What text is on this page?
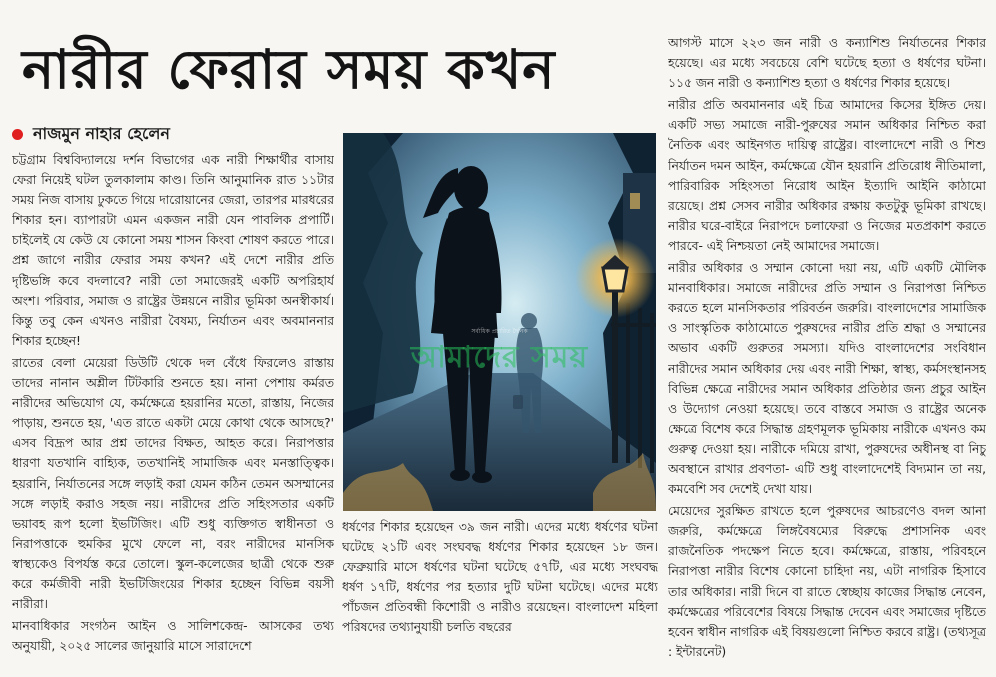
নারীর ফেরার সময় কখন
নাজমুন নাহার হেলেন

চট্টগ্রাম বিশ্ববিদ্যালয়ে দর্শন বিভাগের এক নারী শিক্ষার্থীর বাসায় ফেরা নিয়েই ঘটল তুলকালাম কাণ্ড। তিনি আনুমানিক রাত ১১টার সময় নিজ বাসায় ঢুকতে গিয়ে দারোয়ানের জেরা, তারপর মারধরের শিকার হন। ব্যাপারটা এমন একজন নারী যেন পাবলিক প্রপার্টি। চাইলেই যে কেউ যে কোনো সময় শাসন কিংবা শোষণ করতে পারে। প্রশ্ন জাগে নারীর ফেরার সময় কখন? এই দেশে নারীর প্রতি দৃষ্টিভঙ্গি কবে বদলাবে? নারী তো সমাজেরই একটি অপরিহার্য অংশ। পরিবার, সমাজ ও রাষ্ট্রের উন্নয়নে নারীর ভূমিকা অনস্বীকার্য। কিন্তু তবু কেন এখনও নারীরা বৈষম্য, নির্যাতন এবং অবমাননার শিকার হচ্ছেন!

রাতের বেলা মেয়েরা ডিউটি থেকে দল বেঁধে ফিরলেও রাস্তায় তাদের নানান অশ্লীল টিটকারি শুনতে হয়। নানা পেশায় কর্মরত নারীদের অভিযোগ যে, কর্মক্ষেত্রে হয়রানির মতো, রাস্তায়, নিজের পাড়ায়, শুনতে হয়, 'এত রাতে একটা মেয়ে কোথা থেকে আসছে?' এসব বিদ্রূপ আর প্রশ্ন তাদের বিক্ষত, আহত করে। নিরাপত্তার ধারণা যতখানি বাহ্যিক, ততখানিই সামাজিক এবং মনস্তাত্ত্বিক। হয়রানি, নির্যাতনের সঙ্গে লড়াই করা যেমন কঠিন তেমন অসম্মানের সঙ্গে লড়াই করাও সহজ নয়। নারীদের প্রতি সহিংসতার একটি ভয়াবহ রূপ হলো ইভটিজিং। এটি শুধু ব্যক্তিগত স্বাধীনতা ও নিরাপত্তাকে হুমকির মুখে ফেলে না, বরং নারীদের মানসিক স্বাস্থ্যকেও বিপর্যস্ত করে তোলে। স্কুল-কলেজের ছাত্রী থেকে শুরু করে কর্মজীবী নারী ইভটিজিংয়ের শিকার হচ্ছেন বিভিন্ন বয়সী নারীরা।

মানবাধিকার সংগঠন আইন ও সালিশকেন্দ্র- আসকের তথ্য অনুযায়ী, ২০২৫ সালের জানুয়ারি মাসে সারাদেশে

সর্বাধিক প্রচারিত দৈনিক
আমাদের সময়

ধর্ষণের শিকার হয়েছেন ৩৯ জন নারী। এদের মধ্যে ধর্ষণের ঘটনা ঘটেছে ২১টি এবং সংঘবদ্ধ ধর্ষণের শিকার হয়েছেন ১৮ জন। ফেব্রুয়ারি মাসে ধর্ষণের ঘটনা ঘটেছে ৫৭টি, এর মধ্যে সংঘবদ্ধ ধর্ষণ ১৭টি, ধর্ষণের পর হত্যার দুটি ঘটনা ঘটেছে। এদের মধ্যে পাঁচজন প্রতিবন্ধী কিশোরী ও নারীও রয়েছেন। বাংলাদেশ মহিলা পরিষদের তথ্যানুযায়ী চলতি বছরের

আগস্ট মাসে ২২৩ জন নারী ও কন্যাশিশু নির্যাতনের শিকার হয়েছে। এর মধ্যে সবচেয়ে বেশি ঘটেছে হত্যা ও ধর্ষণের ঘটনা। ১১৫ জন নারী ও কন্যাশিশু হত্যা ও ধর্ষণের শিকার হয়েছে।

নারীর প্রতি অবমাননার এই চিত্র আমাদের কিসের ইঙ্গিত দেয়। একটি সভ্য সমাজে নারী-পুরুষের সমান অধিকার নিশ্চিত করা নৈতিক এবং আইনগত দায়িত্ব রাষ্ট্রের। বাংলাদেশে নারী ও শিশু নির্যাতন দমন আইন, কর্মক্ষেত্রে যৌন হয়রানি প্রতিরোধ নীতিমালা, পারিবারিক সহিংসতা নিরোধ আইন ইত্যাদি আইনি কাঠামো রয়েছে। প্রশ্ন সেসব নারীর অধিকার রক্ষায় কতটুকু ভূমিকা রাখছে। নারীর ঘরে-বাইরে নিরাপদে চলাফেরা ও নিজের মতপ্রকাশ করতে পারবে- এই নিশ্চয়তা নেই আমাদের সমাজে।

নারীর অধিকার ও সম্মান কোনো দয়া নয়, এটি একটি মৌলিক মানবাধিকার। সমাজে নারীদের প্রতি সম্মান ও নিরাপত্তা নিশ্চিত করতে হলে মানসিকতার পরিবর্তন জরুরি। বাংলাদেশের সামাজিক ও সাংস্কৃতিক কাঠামোতে পুরুষদের নারীর প্রতি শ্রদ্ধা ও সম্মানের অভাব একটি গুরুতর সমস্যা। যদিও বাংলাদেশের সংবিধান নারীদের সমান অধিকার দেয় এবং নারী শিক্ষা, স্বাস্থ্য, কর্মসংস্থানসহ বিভিন্ন ক্ষেত্রে নারীদের সমান অধিকার প্রতিষ্ঠার জন্য প্রচুর আইন ও উদ্যোগ নেওয়া হয়েছে। তবে বাস্তবে সমাজ ও রাষ্ট্রের অনেক ক্ষেত্রে বিশেষ করে সিদ্ধান্ত গ্রহণমূলক ভূমিকায় নারীকে এখনও কম গুরুত্ব দেওয়া হয়। নারীকে দমিয়ে রাখা, পুরুষদের অধীনস্থ বা নিচু অবস্থানে রাখার প্রবণতা- এটি শুধু বাংলাদেশেই বিদ্যমান তা নয়, কমবেশি সব দেশেই দেখা যায়।

মেয়েদের সুরক্ষিত রাখতে হলে পুরুষদের আচরণেও বদল আনা জরুরি, কর্মক্ষেত্রে লিঙ্গবৈষম্যের বিরুদ্ধে প্রশাসনিক এবং রাজনৈতিক পদক্ষেপ নিতে হবে। কর্মক্ষেত্রে, রাস্তায়, পরিবহনে নিরাপত্তা নারীর বিশেষ কোনো চাহিদা নয়, এটা নাগরিক হিসাবে তার অধিকার। নারী দিনে বা রাতে স্বেচ্ছায় কাজের সিদ্ধান্ত নেবেন, কর্মক্ষেত্রের পরিবেশের বিষয়ে সিদ্ধান্ত দেবেন এবং সমাজের দৃষ্টিতে হবেন স্বাধীন নাগরিক এই বিষয়গুলো নিশ্চিত করবে রাষ্ট্র। (তথ্যসূত্র : ইন্টারনেট)
